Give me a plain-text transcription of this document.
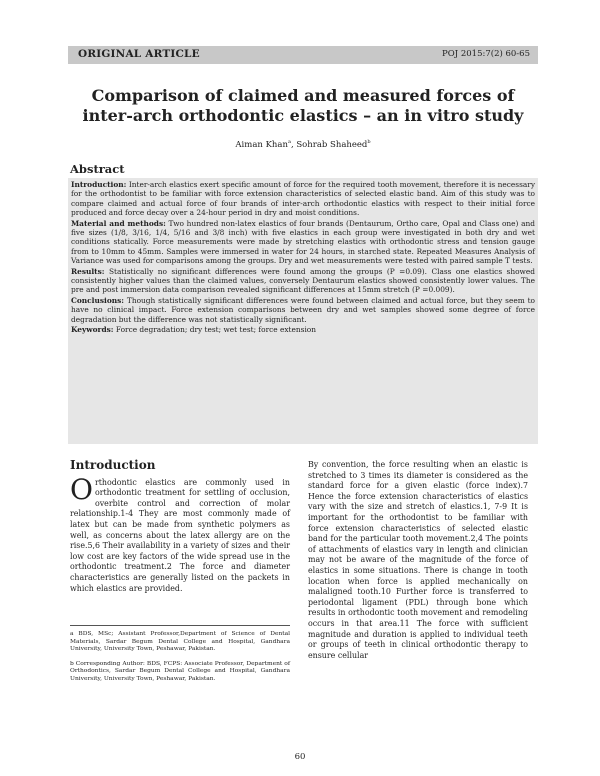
ORIGINAL ARTICLE	POJ 2015:7(2) 60-65
Comparison of claimed and measured forces of inter-arch orthodontic elastics – an in vitro study
Aiman Khan$^a$, Sohrab Shaheed$^b$
Abstract

Introduction: Inter-arch elastics exert specific amount of force for the required tooth movement, therefore it is necessary for the orthodontist to be familiar with force extension characteristics of selected elastic band. Aim of this study was to compare claimed and actual force of four brands of inter-arch orthodontic elastics with respect to their initial force produced and force decay over a 24-hour period in dry and moist conditions.

Material and methods: Two hundred non-latex elastics of four brands (Dentaurum, Ortho care, Opal and Class one) and five sizes (1/8, 3/16, 1/4, 5/16 and 3/8 inch) with five elastics in each group were investigated in both dry and wet conditions statically. Force measurements were made by stretching elastics with orthodontic stress and tension gauge from to 10mm to 45mm. Samples were immersed in water for 24 hours, in starched state. Repeated Measures Analysis of Variance was used for comparisons among the groups. Dry and wet measurements were tested with paired sample T tests.

Results: Statistically no significant differences were found among the groups (P =0.09). Class one elastics showed consistently higher values than the claimed values, conversely Dentaurum elastics showed consistently lower values. The pre and post immersion data comparison revealed significant differences at 15mm stretch (P =0.009).

Conclusions: Though statistically significant differences were found between claimed and actual force, but they seem to have no clinical impact. Force extension comparisons between dry and wet samples showed some degree of force degradation but the difference was not statistically significant.

Keywords: Force degradation; dry test; wet test; force extension

Introduction

Orthodontic elastics are commonly used in orthodontic treatment for settling of occlusion, overbite control and correction of molar relationship.1-4 They are most commonly made of latex but can be made from synthetic polymers as well, as concerns about the latex allergy are on the rise.5,6 Their availability in a variety of sizes and their low cost are key factors of the wide spread use in the orthodontic treatment.2 The force and diameter characteristics are generally listed on the packets in which elastics are provided.

By convention, the force resulting when an elastic is stretched to 3 times its diameter is considered as the standard force for a given elastic (force index).7 Hence the force extension characteristics of elastics vary with the size and stretch of elastics.1, 7-9 It is important for the orthodontist to be familiar with force extension characteristics of selected elastic band for the particular tooth movement.2,4 The points of attachments of elastics vary in length and clinician may not be aware of the magnitude of the force of elastics in some situations. There is change in tooth location when force is applied mechanically on malaligned tooth.10 Further force is transferred to periodontal ligament (PDL) through bone which results in orthodontic tooth movement and remodeling occurs in that area.11 The force with sufficient magnitude and duration is applied to individual teeth or groups of teeth in clinical orthodontic therapy to ensure cellular

a BDS, MSc; Assistant Professor,Department of Science of Dental Materials, Sardar Begum Dental College and Hospital, Gandhara University, University Town, Peshawar, Pakistan.

b Corresponding Author: BDS, FCPS: Associate Professor, Department of Orthodontics, Sardar Begum Dental College and Hospital, Gandhara University, University Town, Peshawar, Pakistan.

60
